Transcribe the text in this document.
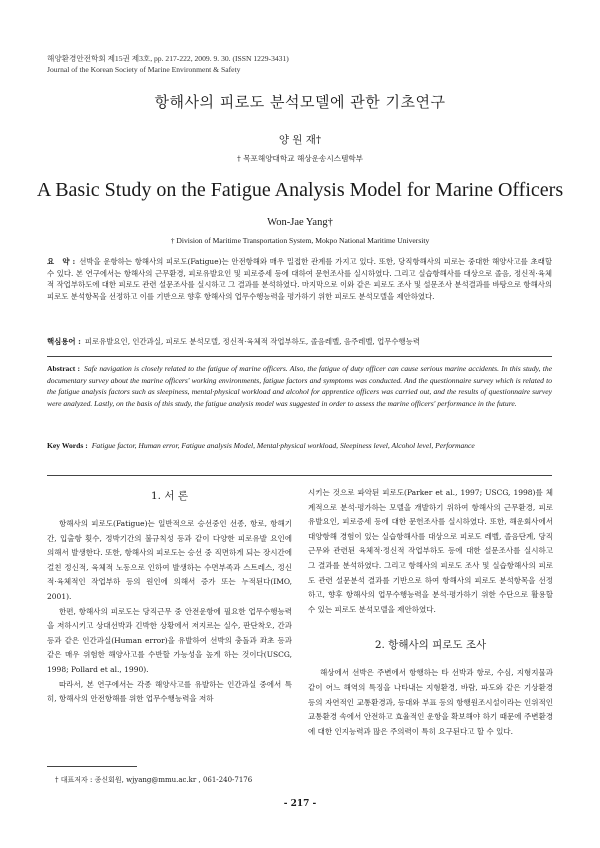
해양환경안전학회 제15권 제3호, pp. 217-222, 2009. 9. 30. (ISSN 1229-3431)
Journal of the Korean Society of Marine Environment & Safety
항해사의 피로도 분석모델에 관한 기초연구
양 원 재†
† 목포해양대학교 해상운송시스템학부
A Basic Study on the Fatigue Analysis Model for Marine Officers
Won-Jae Yang†
† Division of Maritime Transportation System, Mokpo National Maritime University
요　약 : 선박을 운항하는 항해사의 피로도(Fatigue)는 안전항해와 매우 밀접한 관계를 가지고 있다. 또한, 당직항해사의 피로는 중대한 해양사고를 초래할 수 있다. 본 연구에서는 항해사의 근무환경, 피로유발요인 및 피로증세 등에 대하여 문헌조사를 실시하였다. 그리고 실습항해사를 대상으로 졸음, 정신적·육체적 작업부하도에 대한 피로도 관련 설문조사를 실시하고 그 결과를 분석하였다. 마지막으로 이와 같은 피로도 조사 및 설문조사 분석결과를 바탕으로 항해사의 피로도 분석항목을 선정하고 이를 기반으로 향후 항해사의 업무수행능력을 평가하기 위한 피로도 분석모델을 제안하였다.
핵심용어 : 피로유발요인, 인간과실, 피로도 분석모델, 정신적·육체적 작업부하도, 졸음레벨, 음주레벨, 업무수행능력
Abstract : Safe navigation is closely related to the fatigue of marine officers. Also, the fatigue of duty officer can cause serious marine accidents. In this study, the documentary survey about the marine officers' working environments, fatigue factors and symptoms was conducted. And the questionnaire survey which is related to the fatigue analysis factors such as sleepiness, mental·physical workload and alcohol for apprentice officers was carried out, and the results of questionnaire survey were analyzed. Lastly, on the basis of this study, the fatigue analysis model was suggested in order to assess the marine officers' performance in the future.
Key Words : Fatigue factor, Human error, Fatigue analysis Model, Mental·physical workload, Sleepiness level, Alcohol level, Performance
1. 서 론

항해사의 피로도(Fatigue)는 일반적으로 승선중인 선종, 항로, 항해기간, 입출항 횟수, 정박기간의 불규칙성 등과 같이 다양한 피로유발 요인에 의해서 발생한다. 또한, 항해사의 피로도는 승선 중 직면하게 되는 장시간에 걸친 정신적, 육체적 노동으로 인하여 발생하는 수면부족과 스트레스, 정신적·육체적인 작업부하 등의 원인에 의해서 증가 또는 누적된다(IMO, 2001).

한편, 항해사의 피로도는 당직근무 중 안전운항에 필요한 업무수행능력을 저하시키고 상대선박과 긴박한 상황에서 저지르는 실수, 판단착오, 간과 등과 같은 인간과실(Human error)을 유발하여 선박의 충돌과 좌초 등과 같은 매우 위험한 해양사고를 수반할 가능성을 높게 하는 것이다(USCG, 1998; Pollard et al., 1990).

따라서, 본 연구에서는 각종 해양사고를 유발하는 인간과실 중에서 특히, 항해사의 안전항해를 위한 업무수행능력을 저하

시키는 것으로 파악된 피로도(Parker et al., 1997; USCG, 1998)를 체계적으로 분석·평가하는 모델을 개발하기 위하여 항해사의 근무환경, 피로유발요인, 피로증세 등에 대한 문헌조사를 실시하였다. 또한, 해운회사에서 대양항해 경험이 있는 실습항해사를 대상으로 피로도 레벨, 졸음단계, 당직근무와 관련된 육체적·정신적 작업부하도 등에 대한 설문조사를 실시하고 그 결과를 분석하였다. 그리고 항해사의 피로도 조사 및 실습항해사의 피로도 관련 설문분석 결과를 기반으로 하여 항해사의 피로도 분석항목을 선정하고, 향후 항해사의 업무수행능력을 분석·평가하기 위한 수단으로 활용할 수 있는 피로도 분석모델을 제안하였다.

2. 항해사의 피로도 조사

해상에서 선박은 주변에서 항행하는 타 선박과 항로, 수심, 지형지물과 같이 어느 해역의 특징을 나타내는 지형환경, 바람, 파도와 같은 기상환경 등의 자연적인 교통환경과, 등대와 부표 등의 항행원조시설이라는 인위적인 교통환경 속에서 안전하고 효율적인 운항을 확보해야 하기 때문에 주변환경에 대한 인지능력과 많은 주의력이 특히 요구된다고 할 수 있다.

† 대표저자 : 종신회원, wjyang@mmu.ac.kr , 061-240-7176
- 217 -
